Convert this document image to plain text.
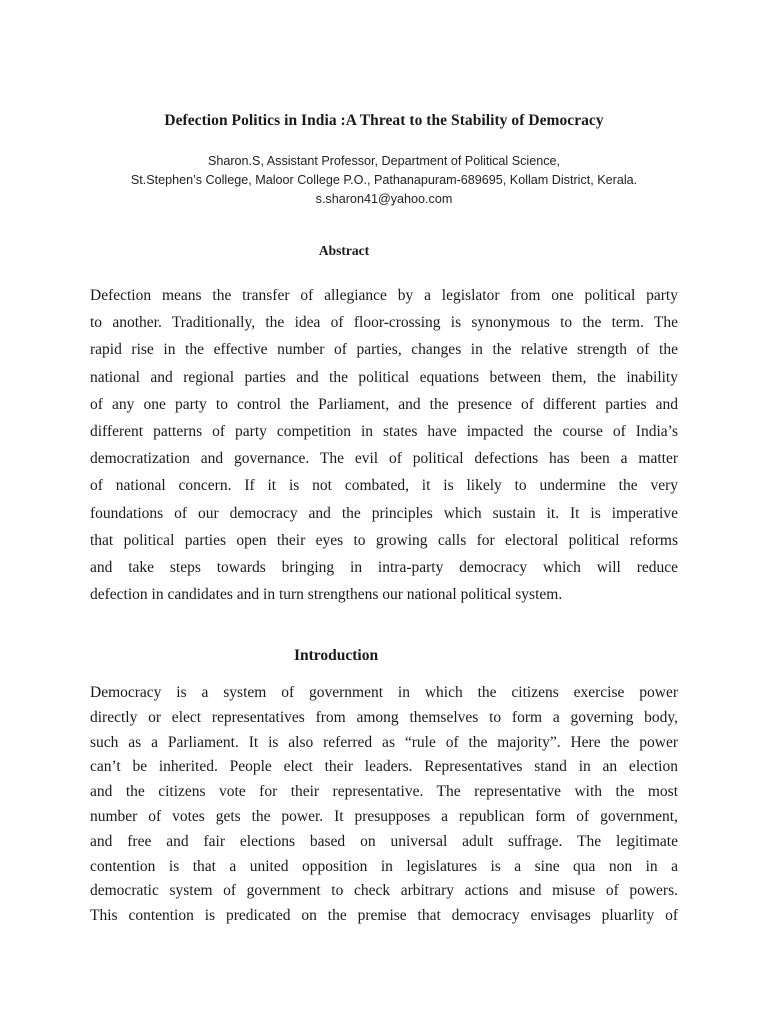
Defection Politics in India :A Threat to the Stability of Democracy
Sharon.S, Assistant Professor, Department of Political Science,
St.Stephen’s College, Maloor College P.O., Pathanapuram-689695, Kollam District, Kerala.
s.sharon41@yahoo.com
Abstract
Defection means the transfer of allegiance by a legislator from one political party
to another. Traditionally, the idea of floor-crossing is synonymous to the term. The
rapid rise in the effective number of parties, changes in the relative strength of the
national and regional parties and the political equations between them, the inability
of any one party to control the Parliament, and the presence of different parties and
different patterns of party competition in states have impacted the course of India’s
democratization and governance. The evil of political defections has been a matter
of national concern. If it is not combated, it is likely to undermine the very
foundations of our democracy and the principles which sustain it. It is imperative
that political parties open their eyes to growing calls for electoral political reforms
and take steps towards bringing in intra-party democracy which will reduce
defection in candidates and in turn strengthens our national political system.
Introduction
Democracy is a system of government in which the citizens exercise power
directly or elect representatives from among themselves to form a governing body,
such as a Parliament. It is also referred as “rule of the majority”. Here the power
can’t be inherited. People elect their leaders. Representatives stand in an election
and the citizens vote for their representative. The representative with the most
number of votes gets the power. It presupposes a republican form of government,
and free and fair elections based on universal adult suffrage. The legitimate
contention is that a united opposition in legislatures is a sine qua non in a
democratic system of government to check arbitrary actions and misuse of powers.
This contention is predicated on the premise that democracy envisages pluarlity of
